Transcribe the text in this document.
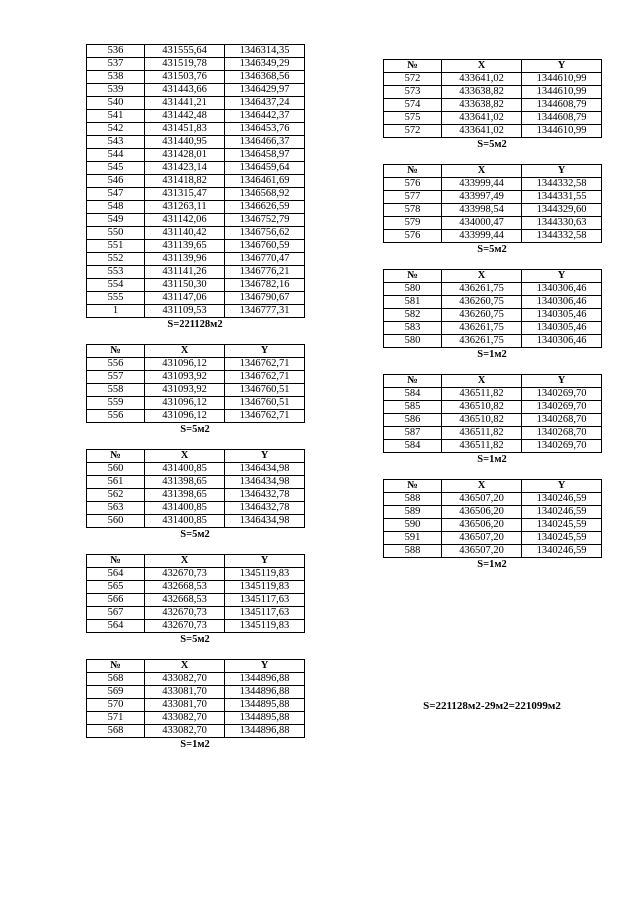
536	431555,64	1346314,35
537	431519,78	1346349,29
538	431503,76	1346368,56
539	431443,66	1346429,97
540	431441,21	1346437,24
541	431442,48	1346442,37
542	431451,83	1346453,76
543	431440,95	1346466,37
544	431428,01	1346458,97
545	431423,14	1346459,64
546	431418,82	1346461,69
547	431315,47	1346568,92
548	431263,11	1346626,59
549	431142,06	1346752,79
550	431140,42	1346756,62
551	431139,65	1346760,59
552	431139,96	1346770,47
553	431141,26	1346776,21
554	431150,30	1346782,16
555	431147,06	1346790,67
1	431109,53	1346777,31
S=221128м2
№	X	Y
556	431096,12	1346762,71
557	431093,92	1346762,71
558	431093,92	1346760,51
559	431096,12	1346760,51
556	431096,12	1346762,71
S=5м2
№	X	Y
560	431400,85	1346434,98
561	431398,65	1346434,98
562	431398,65	1346432,78
563	431400,85	1346432,78
560	431400,85	1346434,98
S=5м2
№	X	Y
564	432670,73	1345119,83
565	432668,53	1345119,83
566	432668,53	1345117,63
567	432670,73	1345117,63
564	432670,73	1345119,83
S=5м2
№	X	Y
568	433082,70	1344896,88
569	433081,70	1344896,88
570	433081,70	1344895,88
571	433082,70	1344895,88
568	433082,70	1344896,88
S=1м2
№	X	Y
572	433641,02	1344610,99
573	433638,82	1344610,99
574	433638,82	1344608,79
575	433641,02	1344608,79
572	433641,02	1344610,99
S=5м2
№	X	Y
576	433999,44	1344332,58
577	433997,49	1344331,55
578	433998,54	1344329,60
579	434000,47	1344330,63
576	433999,44	1344332,58
S=5м2
№	X	Y
580	436261,75	1340306,46
581	436260,75	1340306,46
582	436260,75	1340305,46
583	436261,75	1340305,46
580	436261,75	1340306,46
S=1м2
№	X	Y
584	436511,82	1340269,70
585	436510,82	1340269,70
586	436510,82	1340268,70
587	436511,82	1340268,70
584	436511,82	1340269,70
S=1м2
№	X	Y
588	436507,20	1340246,59
589	436506,20	1340246,59
590	436506,20	1340245,59
591	436507,20	1340245,59
588	436507,20	1340246,59
S=1м2
S=221128м2-29м2=221099м2
